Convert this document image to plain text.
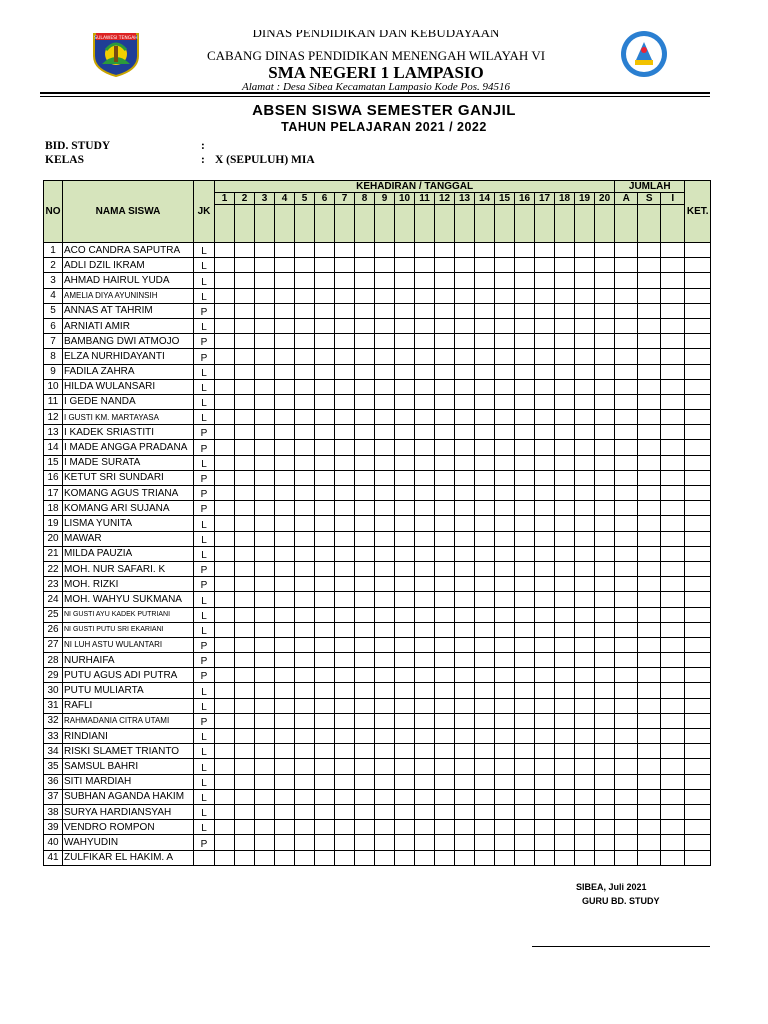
SULAWESI TENGAH	DINAS PENDIDIKAN DAN KEBUDAYAAN
CABANG DINAS PENDIDIKAN MENENGAH WILAYAH VI
SMA NEGERI 1 LAMPASIO
Alamat : Desa Sibea Kecamatan Lampasio Kode Pos. 94516
ABSEN SISWA SEMESTER GANJIL
TAHUN PELAJARAN 2021 / 2022
BID. STUDY	:
KELAS	: X (SEPULUH) MIA
NO	NAMA SISWA	JK	KEHADIRAN / TANGGAL																				JUMLAH			KET.
			1	2	3	4	5	6	7	8	9	10	11	12	13	14	15	16	17	18	19	20	A	S	I	

1	ACO CANDRA SAPUTRA	L																								
2	ADLI DZIL IKRAM	L																								
3	AHMAD HAIRUL YUDA	L																								
4	AMELIA DIYA AYUNINSIH	L																								
5	ANNAS AT TAHRIM	P																								
6	ARNIATI AMIR	L																								
7	BAMBANG DWI ATMOJO	P																								
8	ELZA NURHIDAYANTI	P																								
9	FADILA ZAHRA	L																								
10	HILDA WULANSARI	L																								
11	I GEDE NANDA	L																								
12	I GUSTI KM. MARTAYASA	L																								
13	I KADEK SRIASTITI	P																								
14	I MADE ANGGA PRADANA	P																								
15	I MADE SURATA	L																								
16	KETUT SRI SUNDARI	P																								
17	KOMANG AGUS TRIANA	P																								
18	KOMANG ARI SUJANA	P																								
19	LISMA YUNITA	L																								
20	MAWAR	L																								
21	MILDA PAUZIA	L																								
22	MOH. NUR SAFARI. K	P																								
23	MOH. RIZKI	P																								
24	MOH. WAHYU SUKMANA	L																								
25	NI GUSTI AYU KADEK PUTRIANI	L																								
26	NI GUSTI PUTU SRI EKARIANI	L																								
27	NI LUH ASTU WULANTARI	P																								
28	NURHAIFA	P																								
29	PUTU AGUS ADI PUTRA	P																								
30	PUTU MULIARTA	L																								
31	RAFLI	L																								
32	RAHMADANIA CITRA UTAMI	P																								
33	RINDIANI	L																								
34	RISKI SLAMET TRIANTO	L																								
35	SAMSUL BAHRI	L																								
36	SITI MARDIAH	L																								
37	SUBHAN AGANDA HAKIM	L																								
38	SURYA HARDIANSYAH	L																								
39	VENDRO ROMPON	L																								
40	WAHYUDIN	P																								
41	ZULFIKAR EL HAKIM. A																									
SIBEA, Juli 2021
GURU BD. STUDY
